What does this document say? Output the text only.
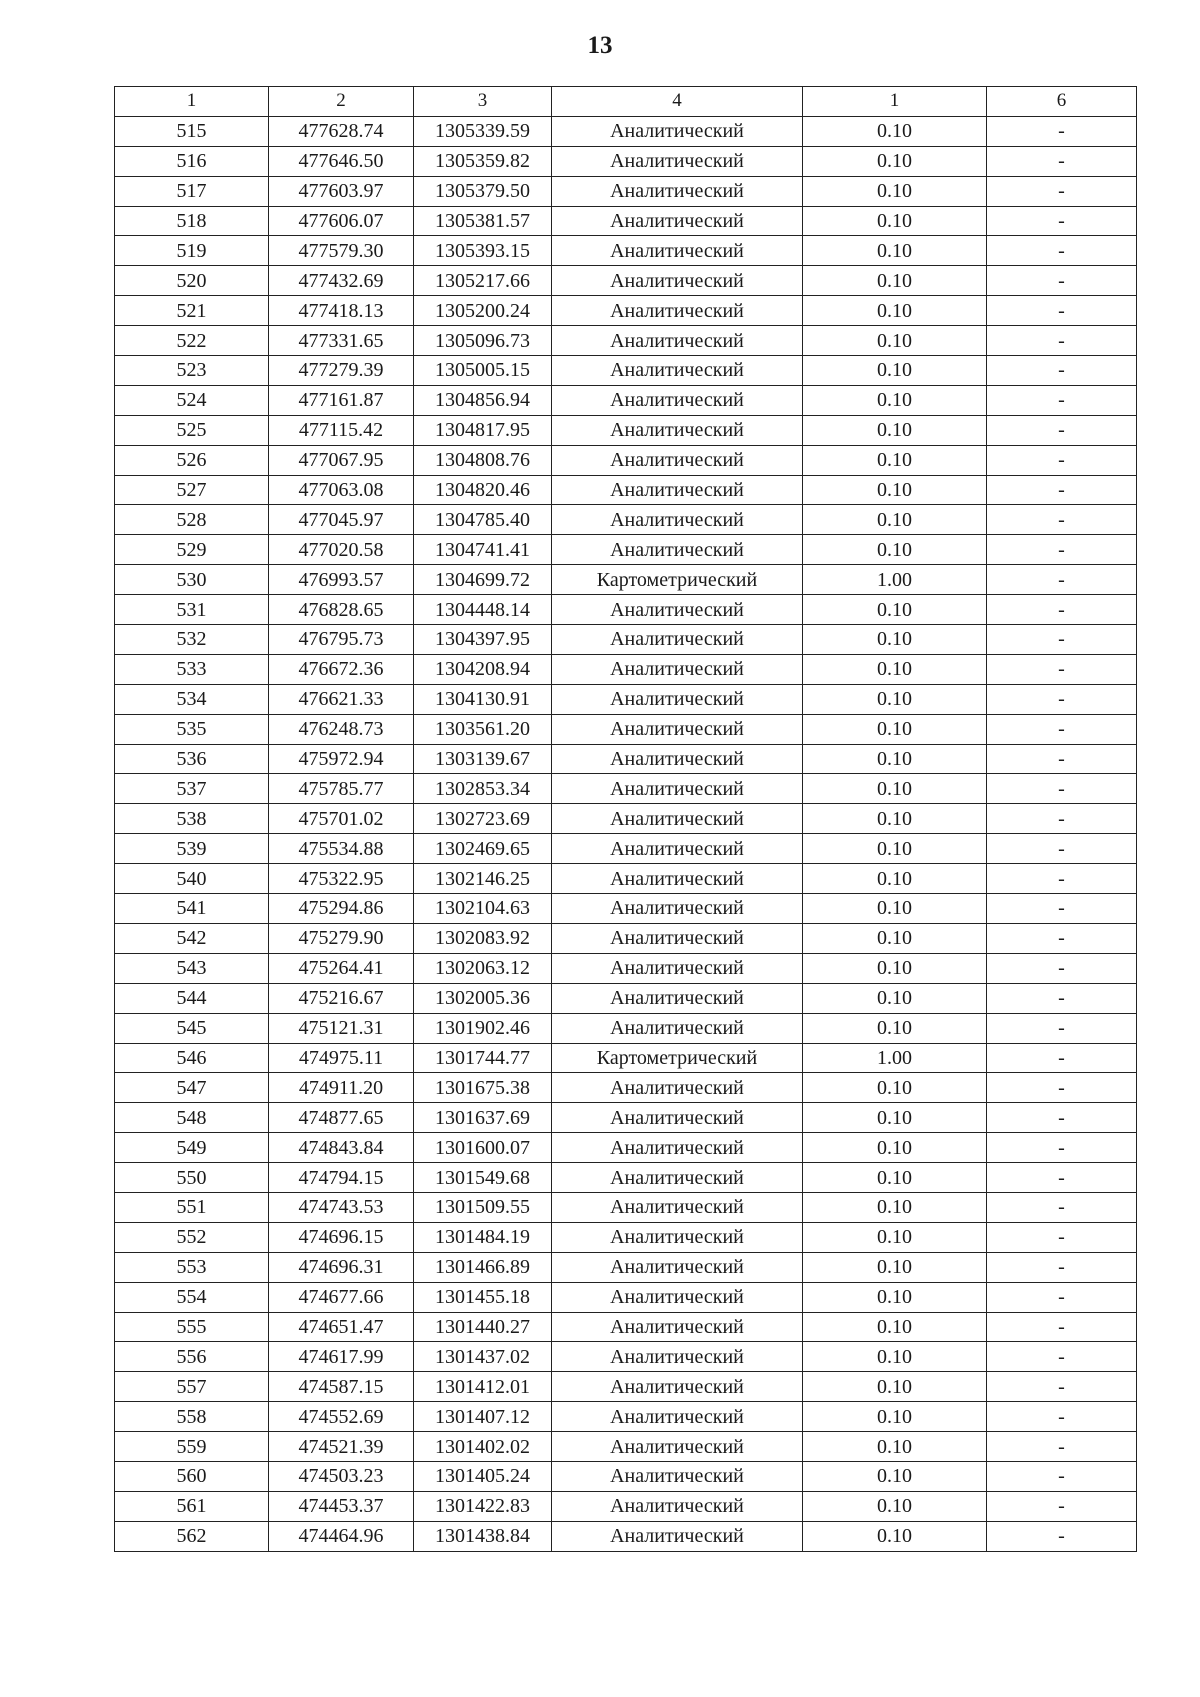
13
1	2	3	4	1	6
515	477628.74	1305339.59	Аналитический	0.10	-
516	477646.50	1305359.82	Аналитический	0.10	-
517	477603.97	1305379.50	Аналитический	0.10	-
518	477606.07	1305381.57	Аналитический	0.10	-
519	477579.30	1305393.15	Аналитический	0.10	-
520	477432.69	1305217.66	Аналитический	0.10	-
521	477418.13	1305200.24	Аналитический	0.10	-
522	477331.65	1305096.73	Аналитический	0.10	-
523	477279.39	1305005.15	Аналитический	0.10	-
524	477161.87	1304856.94	Аналитический	0.10	-
525	477115.42	1304817.95	Аналитический	0.10	-
526	477067.95	1304808.76	Аналитический	0.10	-
527	477063.08	1304820.46	Аналитический	0.10	-
528	477045.97	1304785.40	Аналитический	0.10	-
529	477020.58	1304741.41	Аналитический	0.10	-
530	476993.57	1304699.72	Картометрический	1.00	-
531	476828.65	1304448.14	Аналитический	0.10	-
532	476795.73	1304397.95	Аналитический	0.10	-
533	476672.36	1304208.94	Аналитический	0.10	-
534	476621.33	1304130.91	Аналитический	0.10	-
535	476248.73	1303561.20	Аналитический	0.10	-
536	475972.94	1303139.67	Аналитический	0.10	-
537	475785.77	1302853.34	Аналитический	0.10	-
538	475701.02	1302723.69	Аналитический	0.10	-
539	475534.88	1302469.65	Аналитический	0.10	-
540	475322.95	1302146.25	Аналитический	0.10	-
541	475294.86	1302104.63	Аналитический	0.10	-
542	475279.90	1302083.92	Аналитический	0.10	-
543	475264.41	1302063.12	Аналитический	0.10	-
544	475216.67	1302005.36	Аналитический	0.10	-
545	475121.31	1301902.46	Аналитический	0.10	-
546	474975.11	1301744.77	Картометрический	1.00	-
547	474911.20	1301675.38	Аналитический	0.10	-
548	474877.65	1301637.69	Аналитический	0.10	-
549	474843.84	1301600.07	Аналитический	0.10	-
550	474794.15	1301549.68	Аналитический	0.10	-
551	474743.53	1301509.55	Аналитический	0.10	-
552	474696.15	1301484.19	Аналитический	0.10	-
553	474696.31	1301466.89	Аналитический	0.10	-
554	474677.66	1301455.18	Аналитический	0.10	-
555	474651.47	1301440.27	Аналитический	0.10	-
556	474617.99	1301437.02	Аналитический	0.10	-
557	474587.15	1301412.01	Аналитический	0.10	-
558	474552.69	1301407.12	Аналитический	0.10	-
559	474521.39	1301402.02	Аналитический	0.10	-
560	474503.23	1301405.24	Аналитический	0.10	-
561	474453.37	1301422.83	Аналитический	0.10	-
562	474464.96	1301438.84	Аналитический	0.10	-
